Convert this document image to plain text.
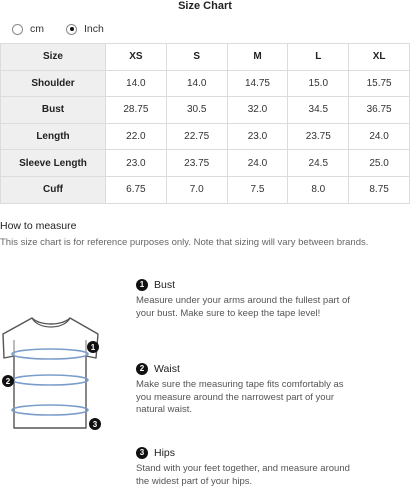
Size Chart
cm	Inch
Size	XS	S	M	L	XL
Shoulder	14.0	14.0	14.75	15.0	15.75
Bust	28.75	30.5	32.0	34.5	36.75
Length	22.0	22.75	23.0	23.75	24.0
Sleeve Length	23.0	23.75	24.0	24.5	25.0
Cuff	6.75	7.0	7.5	8.0	8.75
How to measure
This size chart is for reference purposes only. Note that sizing will vary between brands.
1
2
3
1 Bust
Measure under your arms around the fullest part of your bust. Make sure to keep the tape level!
2 Waist
Make sure the measuring tape fits comfortably as you measure around the narrowest part of your natural waist.
3 Hips
Stand with your feet together, and measure around the widest part of your hips.
